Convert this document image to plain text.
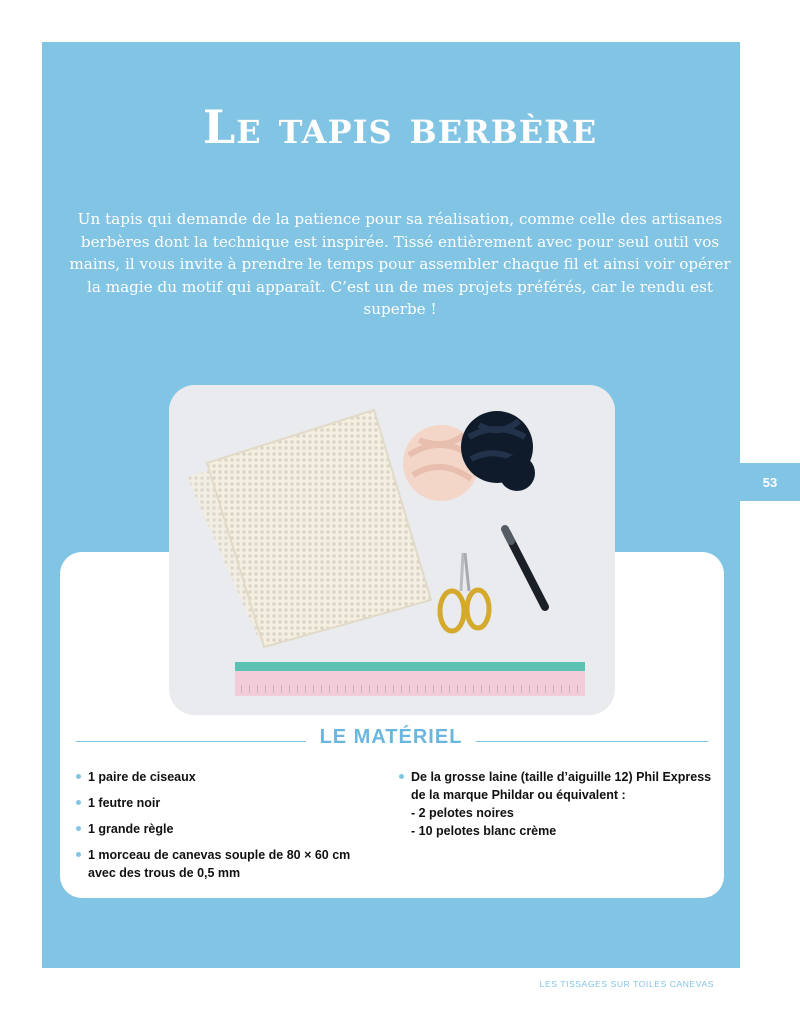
Le tapis berbère

Un tapis qui demande de la patience pour sa réalisation, comme celle des artisanes berbères dont la technique est inspirée. Tissé entièrement avec pour seul outil vos mains, il vous invite à prendre le temps pour assembler chaque fil et ainsi voir opérer la magie du motif qui apparaît. C’est un de mes projets préférés, car le rendu est superbe !

53
LE MATÉRIEL
1 paire de ciseaux
1 feutre noir
1 grande règle
1 morceau de canevas souple de 80 × 60 cm avec des trous de 0,5 mm
De la grosse laine (taille d’aiguille 12) Phil Express de la marque Phildar ou équivalent :
- 2 pelotes noires
- 10 pelotes blanc crème
LES TISSAGES SUR TOILES CANEVAS
